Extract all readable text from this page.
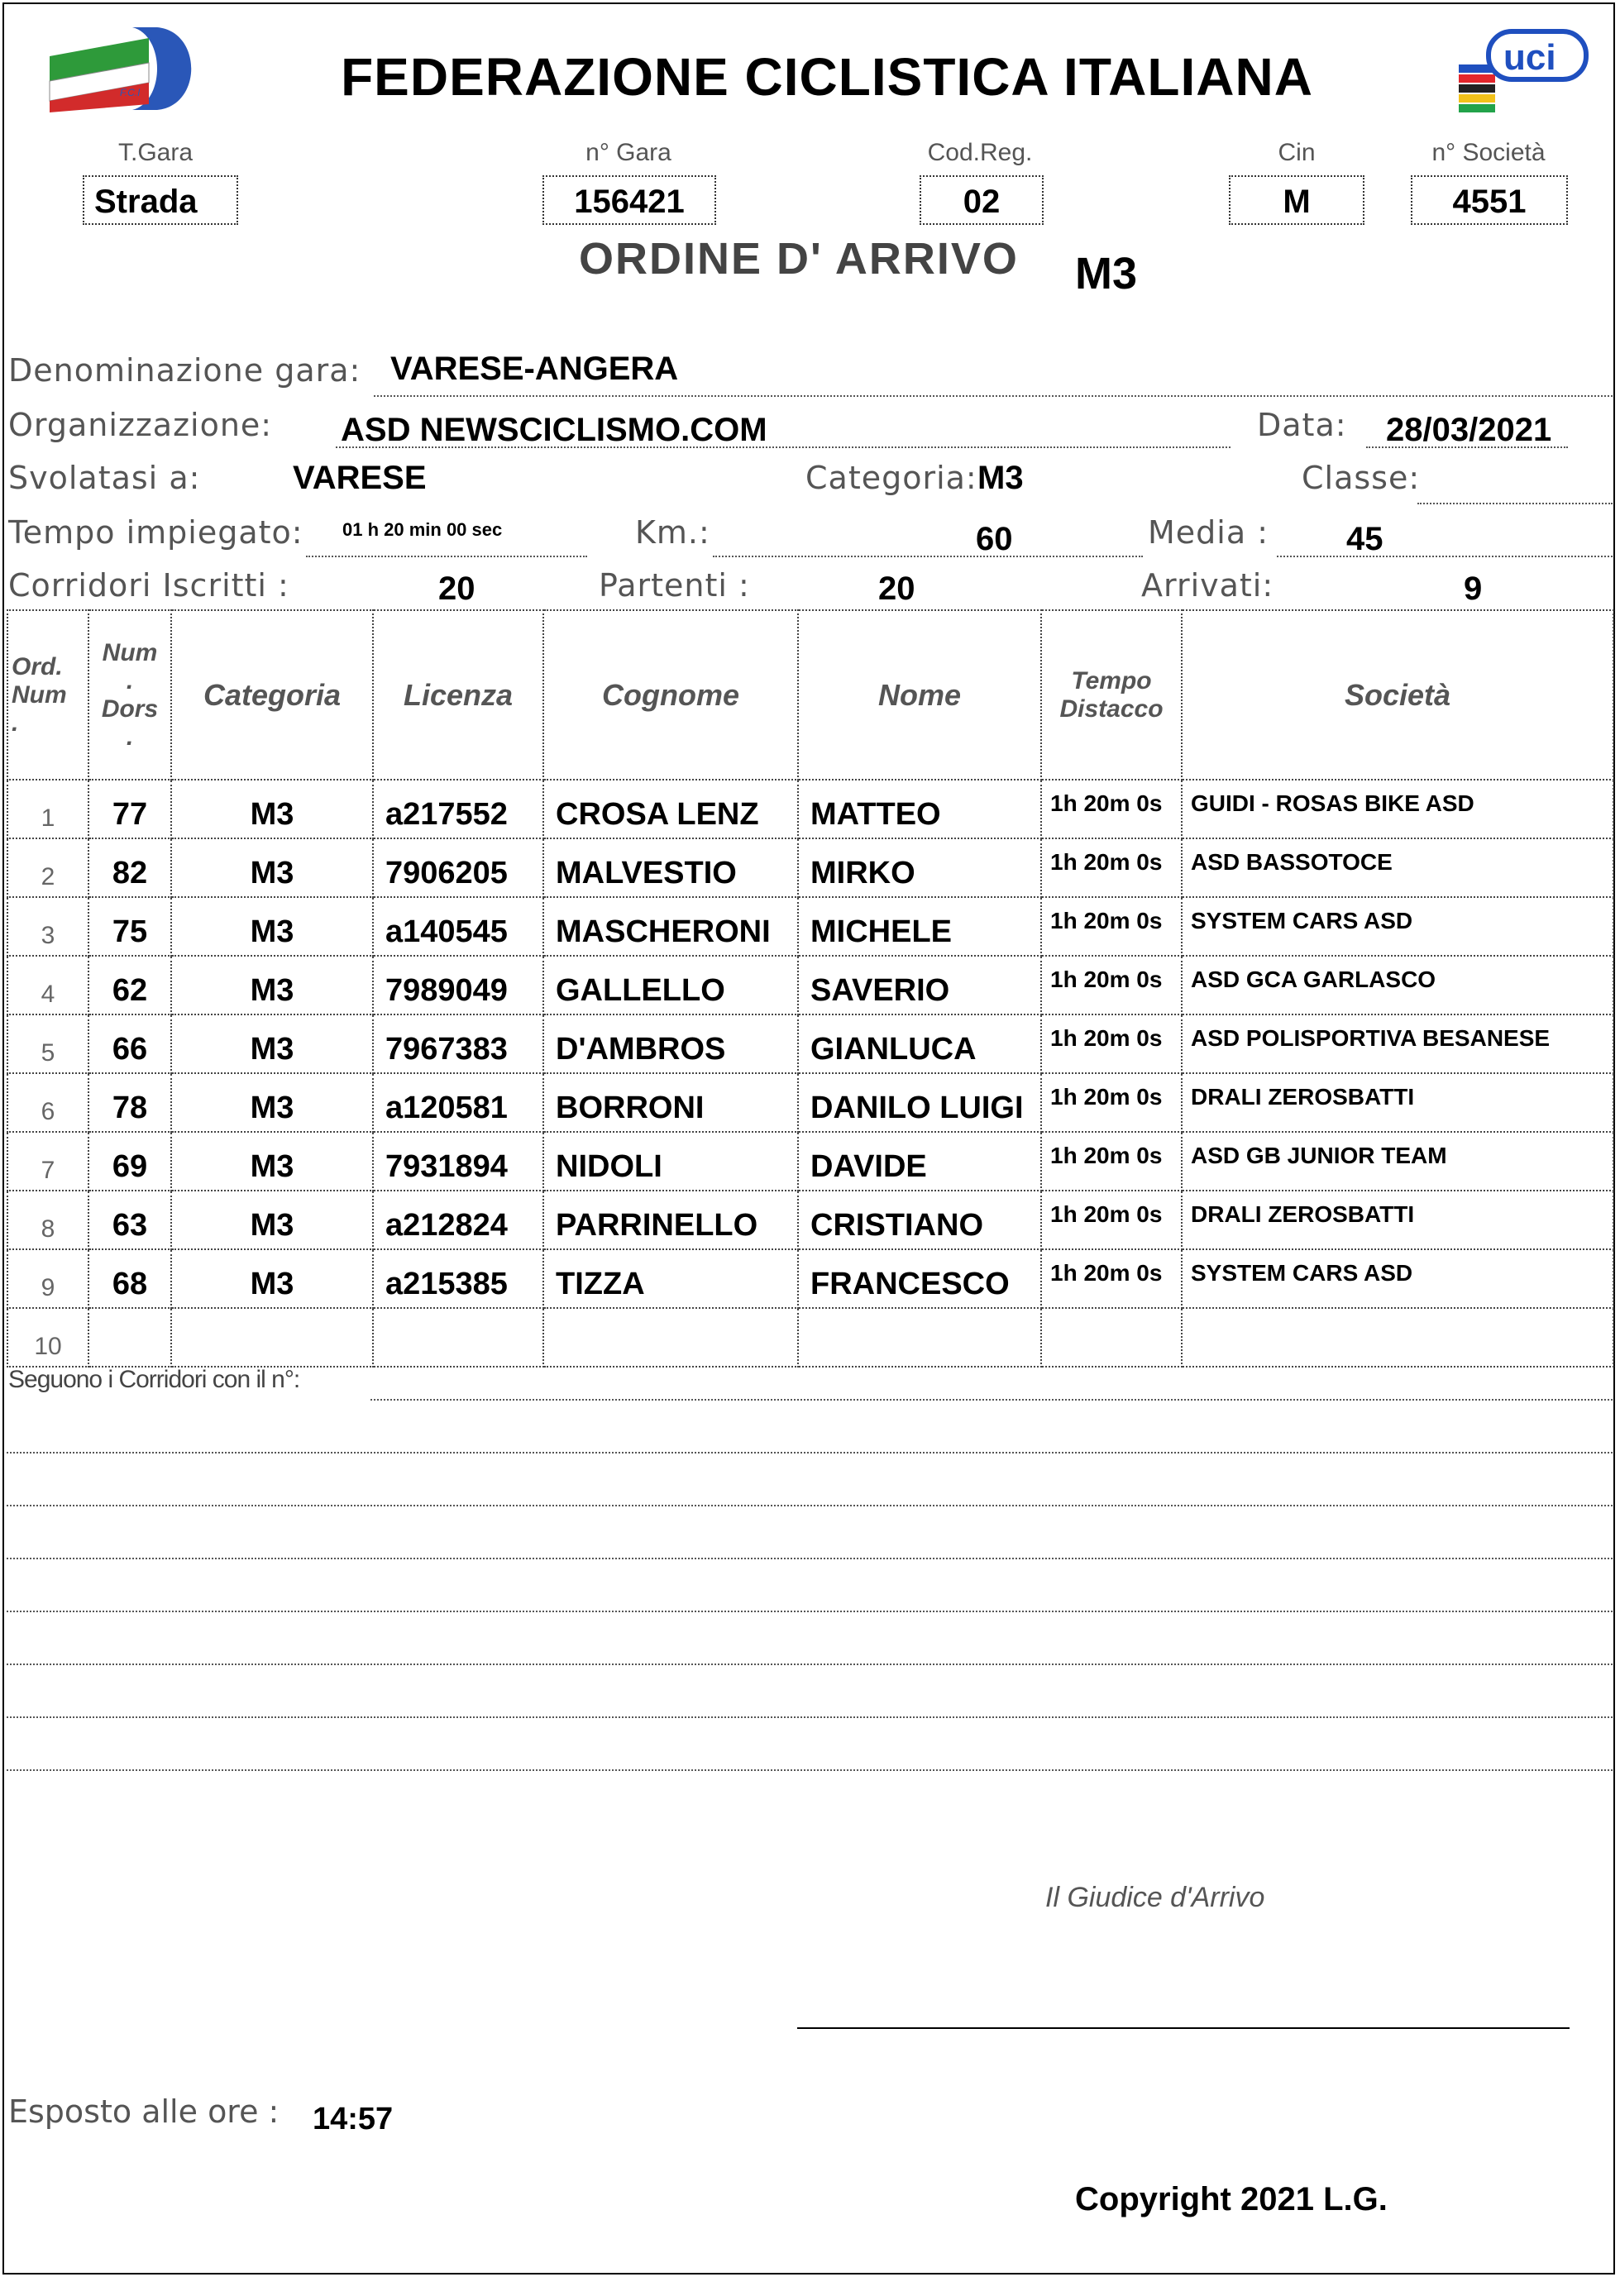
F.C.I	FEDERAZIONE CICLISTICA ITALIANA	uci
T.Gara
Strada
n° Gara
156421
Cod.Reg.
02
Cin
M
n° Società
4551
ORDINE D' ARRIVO M3
Denominazione gara: VARESE-ANGERA
Organizzazione: ASD NEWSCICLISMO.COM	Data: 28/03/2021
Svolatasi a:	VARESE	Categoria: M3	Classe:
Tempo impiegato: 01 h 20 min 00 sec	Km.:	60	Media : 45
Corridori Iscritti :	20	Partenti :	20	Arrivati:	9
Ord.
Num
.	Num
.
Dors
.	Categoria	Licenza	Cognome	Nome	Tempo
Distacco	Società
1	77	M3	a217552	CROSA LENZ	MATTEO	1h 20m 0s	GUIDI - ROSAS BIKE ASD
2	82	M3	7906205	MALVESTIO	MIRKO	1h 20m 0s	ASD BASSOTOCE
3	75	M3	a140545	MASCHERONI	MICHELE	1h 20m 0s	SYSTEM CARS ASD
4	62	M3	7989049	GALLELLO	SAVERIO	1h 20m 0s	ASD GCA GARLASCO
5	66	M3	7967383	D'AMBROS	GIANLUCA	1h 20m 0s	ASD POLISPORTIVA BESANESE
6	78	M3	a120581	BORRONI	DANILO LUIGI	1h 20m 0s	DRALI ZEROSBATTI
7	69	M3	7931894	NIDOLI	DAVIDE	1h 20m 0s	ASD GB JUNIOR TEAM
8	63	M3	a212824	PARRINELLO	CRISTIANO	1h 20m 0s	DRALI ZEROSBATTI
9	68	M3	a215385	TIZZA	FRANCESCO	1h 20m 0s	SYSTEM CARS ASD
10							
Seguono i Corridori con il n°:
Il Giudice d'Arrivo
Esposto alle ore : 14:57
Copyright 2021 L.G.
